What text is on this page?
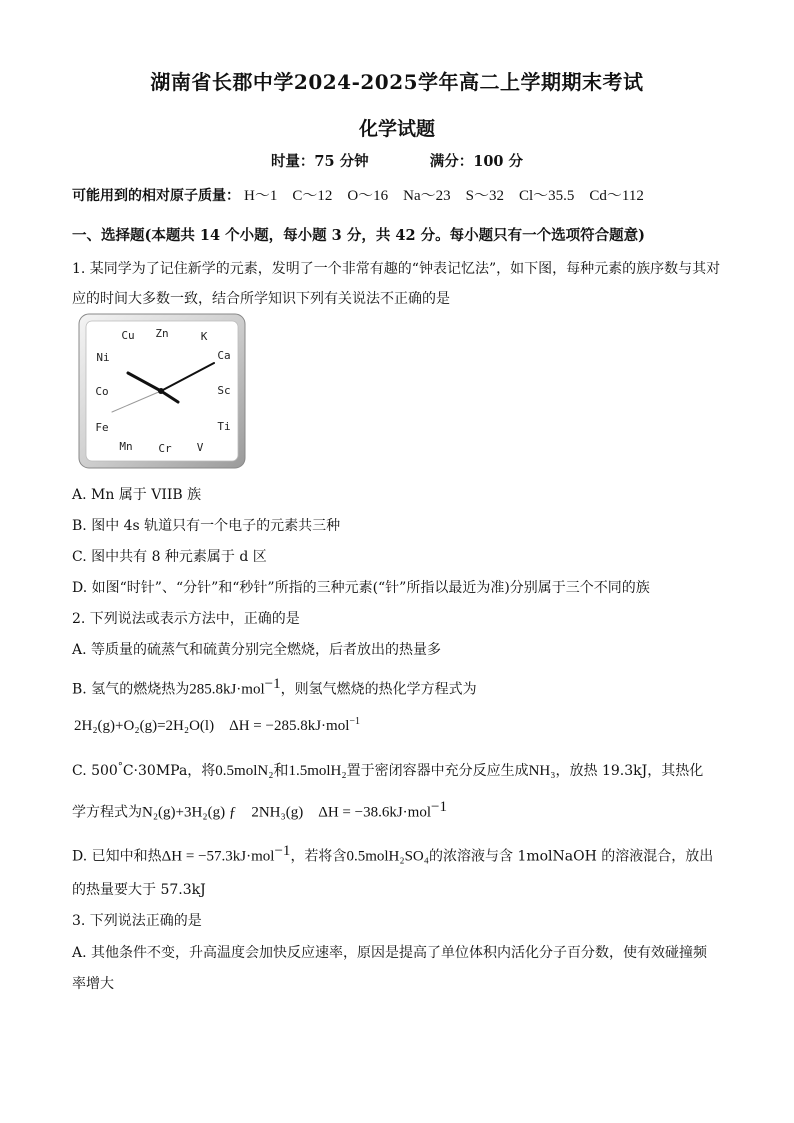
湖南省长郡中学2024-2025学年高二上学期期末考试
化学试题
时量：75 分钟	满分：100 分
可能用到的相对原子质量： H～1　C～12　O～16　Na～23　S～32　Cl～35.5　Cd～112
一、选择题(本题共 14 个小题，每小题 3 分，共 42 分。每小题只有一个选项符合题意)
1. 某同学为了记住新学的元素，发明了一个非常有趣的“钟表记忆法”，如下图，每种元素的族序数与其对
应的时间大多数一致，结合所学知识下列有关说法不正确的是
Cu Zn	K
Ca
Sc
Ti
V
Cr
Mn
Fe
Co
Ni
A. Mn 属于 VIIB 族
B. 图中 4s 轨道只有一个电子的元素共三种
C. 图中共有 8 种元素属于 d 区
D. 如图“时针”、“分针”和“秒针”所指的三种元素(“针”所指以最近为准)分别属于三个不同的族
2. 下列说法或表示方法中，正确的是
A. 等质量的硫蒸气和硫黄分别完全燃烧，后者放出的热量多
B. 氢气的燃烧热为285.8kJ·mol$^{-1}$，则氢气燃烧的热化学方程式为
2H₂(g)+O₂(g)=2H₂O(l)　ΔH = −285.8kJ·mol$^{-1}$
C. 500°C·30MPa，将0.5molN₂和1.5molH₂置于密闭容器中充分反应生成NH₃，放热 19.3kJ，其热化
学方程式为N₂(g)+3H₂(g) ƒ　2NH₃(g)　ΔH = −38.6kJ·mol$^{-1}$
D. 已知中和热ΔH = −57.3kJ·mol$^{-1}$，若将含0.5molH₂SO₄的浓溶液与含 1molNaOH 的溶液混合，放出
的热量要大于 57.3kJ
3. 下列说法正确的是
A. 其他条件不变，升高温度会加快反应速率，原因是提高了单位体积内活化分子百分数，使有效碰撞频
率增大
